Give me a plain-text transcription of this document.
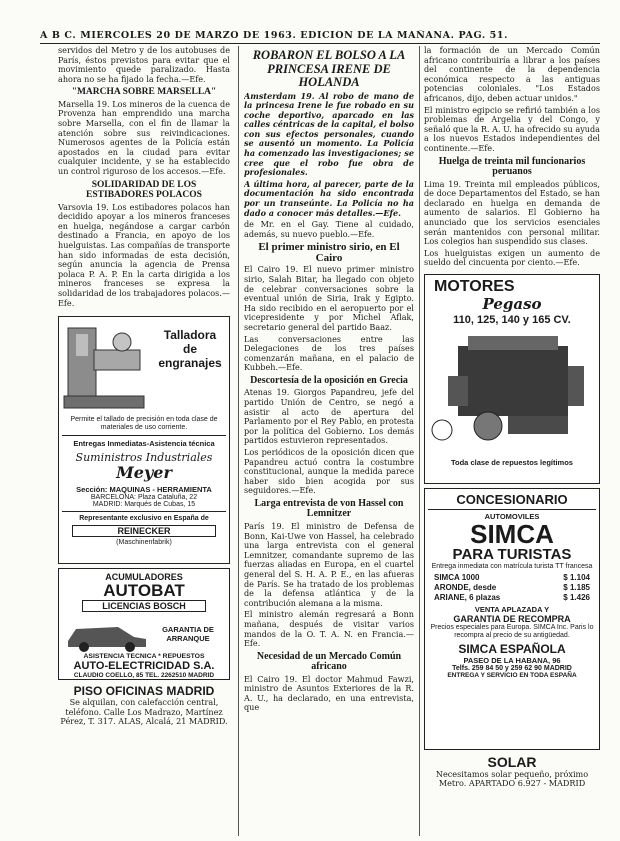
A B C. MIERCOLES 20 DE MARZO DE 1963. EDICION DE LA MAÑANA. PAG. 51.

servidos del Metro y de los autobuses de París, éstos previstos para evitar que el movimiento quede paralizado. Hasta ahora no se ha fijado la fecha.—Efe.

"MARCHA SOBRE MARSELLA"

Marsella 19. Los mineros de la cuenca de Provenza han emprendido una marcha sobre Marsella, con el fin de llamar la atención sobre sus reivindicaciones. Numerosos agentes de la Policía están apostados en la ciudad para evitar cualquier incidente, y se ha establecido un control riguroso de los accesos.—Efe.

SOLIDARIDAD DE LOS ESTIBADORES POLACOS

Varsovia 19. Los estibadores polacos han decidido apoyar a los mineros franceses en huelga, negándose a cargar carbón destinado a Francia, en apoyo de los huelguistas. Las compañías de transporte han sido informadas de esta decisión, según anuncia la agencia de Prensa polaca P. A. P. En la carta dirigida a los mineros franceses se expresa la solidaridad de los trabajadores polacos.—Efe.

Talladora
de engranajes
Permite el tallado de precisión en toda clase de materiales de uso corriente.
Entregas Inmediatas-Asistencia técnica
Suministros Industriales
Meyer
Sección: MAQUINAS - HERRAMIENTA
BARCELONA: Plaza Cataluña, 22
MADRID: Marqués de Cubas, 15
Representante exclusivo en España de
REINECKER
(Maschinenfabrik)
ACUMULADORES
AUTOBAT
LICENCIAS BOSCH
GARANTIA DE
ARRANQUE
ASISTENCIA TECNICA * REPUESTOS
AUTO-ELECTRICIDAD S.A.
CLAUDIO COELLO, 85 TEL. 2262510 MADRID
PISO OFICINAS MADRID

Se alquilan, con calefacción central, teléfono. Calle Los Madrazo, Martínez Pérez, T. 317. ALAS, Alcalá, 21 MADRID.

ROBARON EL BOLSO A LA PRINCESA IRENE DE HOLANDA

Amsterdam 19. Al robo de mano de la princesa Irene le fue robado en su coche deportivo, aparcado en las calles céntricas de la capital, el bolso con sus efectos personales, cuando se ausentó un momento. La Policía ha comenzado las investigaciones; se cree que el robo fue obra de profesionales.

A última hora, al parecer, parte de la documentación ha sido encontrada por un transeúnte. La Policía no ha dado a conocer más detalles.—Efe.

de Mr. en el Gay. Tiene al cuidado, además, su nuevo pueblo.—Efe.

El primer ministro sirio, en El Cairo

El Cairo 19. El nuevo primer ministro sirio, Salah Bitar, ha llegado con objeto de celebrar conversaciones sobre la eventual unión de Siria, Irak y Egipto. Ha sido recibido en el aeropuerto por el vicepresidente y por Michel Aflak, secretario general del partido Baaz.

Las conversaciones entre las Delegaciones de los tres países comenzarán mañana, en el palacio de Kubbeh.—Efe.

Descortesía de la oposición en Grecia

Atenas 19. Giorgos Papandreu, jefe del partido Unión de Centro, se negó a asistir al acto de apertura del Parlamento por el Rey Pablo, en protesta por la política del Gobierno. Los demás partidos estuvieron representados.

Los periódicos de la oposición dicen que Papandreu actuó contra la costumbre constitucional, aunque la medida parece haber sido bien acogida por sus seguidores.—Efe.

Larga entrevista de von Hassel con Lemnitzer

París 19. El ministro de Defensa de Bonn, Kai-Uwe von Hassel, ha celebrado una larga entrevista con el general Lemnitzer, comandante supremo de las fuerzas aliadas en Europa, en el cuartel general del S. H. A. P. E., en las afueras de París. Se ha tratado de los problemas de la defensa atlántica y de la contribución alemana a la misma.

El ministro alemán regresará a Bonn mañana, después de visitar varios mandos de la O. T. A. N. en Francia.—Efe.

Necesidad de un Mercado Común africano

El Cairo 19. El doctor Mahmud Fawzi, ministro de Asuntos Exteriores de la R. A. U., ha declarado, en una entrevista, que

la formación de un Mercado Común africano contribuiría a librar a los países del continente de la dependencia económica respecto a las antiguas potencias coloniales. "Los Estados africanos, dijo, deben actuar unidos."

El ministro egipcio se refirió también a los problemas de Argelia y del Congo, y señaló que la R. A. U. ha ofrecido su ayuda a los nuevos Estados independientes del continente.—Efe.

Huelga de treinta mil funcionarios peruanos

Lima 19. Treinta mil empleados públicos, de doce Departamentos del Estado, se han declarado en huelga en demanda de aumento de salarios. El Gobierno ha anunciado que los servicios esenciales serán mantenidos con personal militar. Los colegios han suspendido sus clases.

Los huelguistas exigen un aumento de sueldo del cincuenta por ciento.—Efe.

MOTORES
Pegaso
110, 125, 140 y 165 CV.
Toda clase de repuestos legítimos
CONCESIONARIO
AUTOMOVILES
SIMCA
PARA TURISTAS
Entrega inmediata con matrícula turista TT francesa
SIMCA 1000	$ 1.104
ARONDE, desde	$ 1.185
ARIANE, 6 plazas	$ 1.426
VENTA APLAZADA Y
GARANTIA DE RECOMPRA
Precios especiales para Europa. SIMCA Inc. Paris lo recompra al precio de su antigüedad.
SIMCA ESPAÑOLA
PASEO DE LA HABANA, 96
Telfs. 259 84 50 y 259 62 90 MADRID
ENTREGA Y SERVICIO EN TODA ESPAÑA
SOLAR

Necesitamos solar pequeño, próximo Metro. APARTADO 6.927 - MADRID
